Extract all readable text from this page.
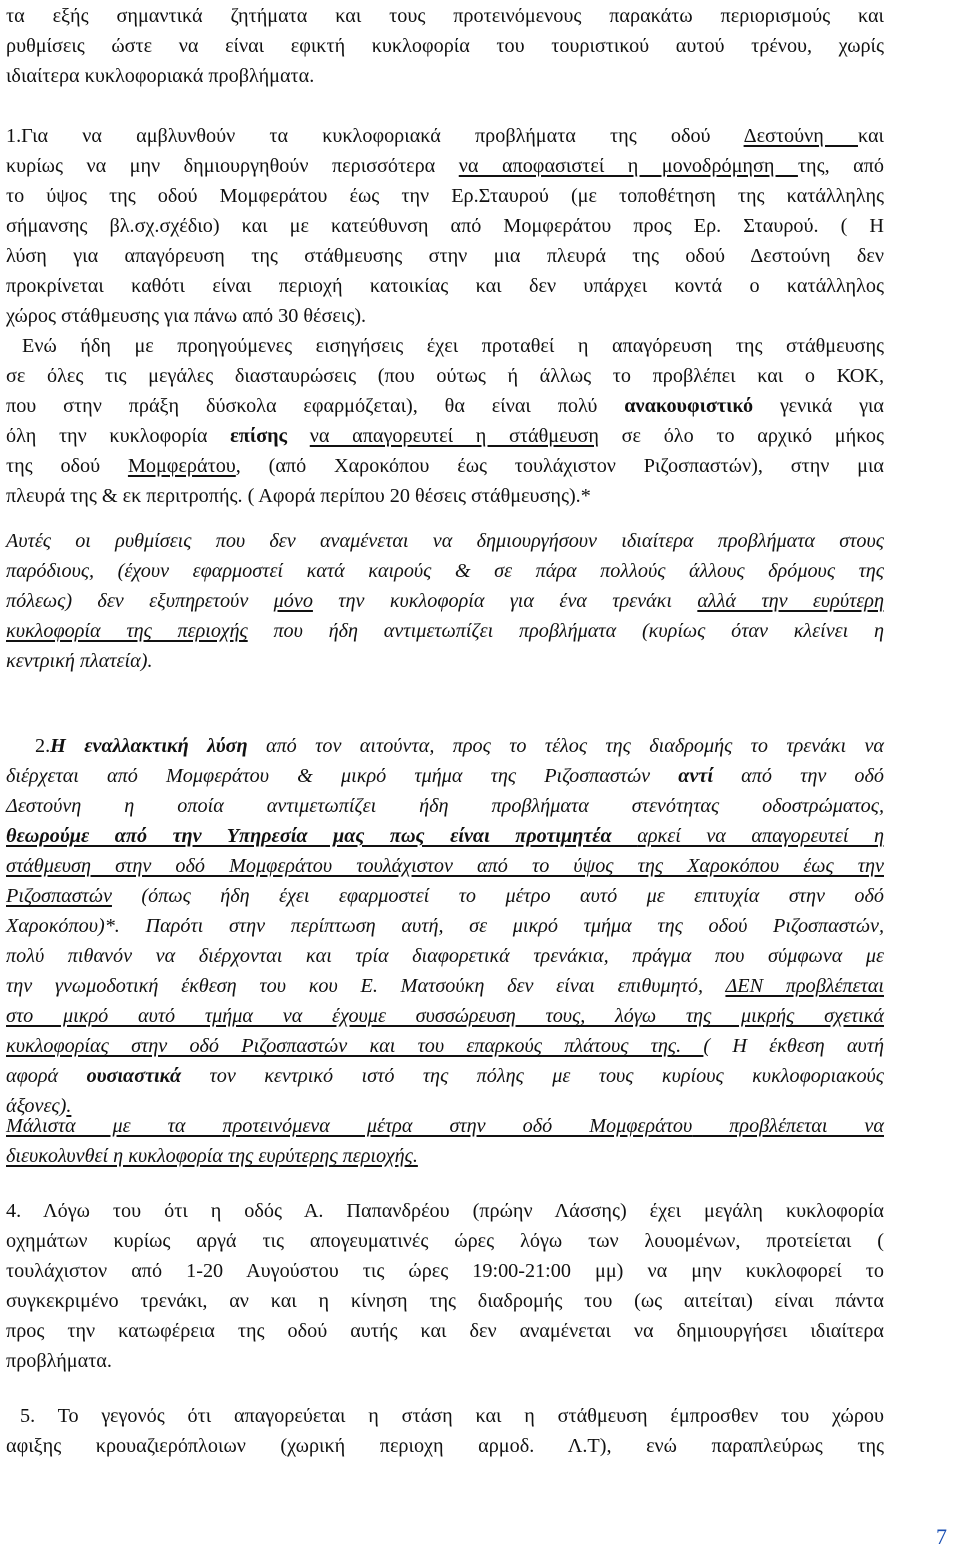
τα εξής σημαντικά ζητήματα και τους προτεινόμενους παρακάτω περιορισμούς και
ρυθμίσεις ώστε να είναι εφικτή κυκλοφορία του τουριστικού αυτού τρένου, χωρίς
ιδιαίτερα κυκλοφοριακά προβλήματα.
1.Για να αμβλυνθούν τα κυκλοφοριακά προβλήματα της οδού Δεστούνη και
κυρίως να μην δημιουργηθούν περισσότερα να αποφασιστεί η μονοδρόμηση της, από
το ύψος της οδού Μομφεράτου έως την Ερ.Σταυρού (με τοποθέτηση της κατάλληλης
σήμανσης βλ.σχ.σχέδιο) και με κατεύθυνση από Μομφεράτου προς Ερ. Σταυρού. ( Η
λύση για απαγόρευση της στάθμευσης στην μια πλευρά της οδού Δεστούνη δεν
προκρίνεται καθότι είναι περιοχή κατοικίας και δεν υπάρχει κοντά ο κατάλληλος
χώρος στάθμευσης για πάνω από 30 θέσεις).
Ενώ ήδη με προηγούμενες εισηγήσεις έχει προταθεί η απαγόρευση της στάθμευσης
σε όλες τις μεγάλες διασταυρώσεις (που ούτως ή άλλως το προβλέπει και ο ΚΟΚ,
που στην πράξη δύσκολα εφαρμόζεται), θα είναι πολύ ανακουφιστικό γενικά για
όλη την κυκλοφορία επίσης να απαγορευτεί η στάθμευση σε όλο το αρχικό μήκος
της οδού Μομφεράτου, (από Χαροκόπου έως τουλάχιστον Ριζοσπαστών), στην μια
πλευρά της & εκ περιτροπής. ( Αφορά περίπου 20 θέσεις στάθμευσης).*
Αυτές οι ρυθμίσεις που δεν αναμένεται να δημιουργήσουν ιδιαίτερα προβλήματα στους
παρόδιους, (έχουν εφαρμοστεί κατά καιρούς & σε πάρα πολλούς άλλους δρόμους της
πόλεως) δεν εξυπηρετούν μόνο την κυκλοφορία για ένα τρενάκι αλλά την ευρύτερη
κυκλοφορία της περιοχής που ήδη αντιμετωπίζει προβλήματα (κυρίως όταν κλείνει η
κεντρική πλατεία).
2.Η εναλλακτική λύση από τον αιτούντα, προς το τέλος της διαδρομής το τρενάκι να
διέρχεται από Μομφεράτου & μικρό τμήμα της Ριζοσπαστών αντί από την οδό
Δεστούνη η οποία αντιμετωπίζει ήδη προβλήματα στενότητας οδοστρώματος,
θεωρούμε από την Υπηρεσία μας πως είναι προτιμητέα αρκεί να απαγορευτεί η
στάθμευση στην οδό Μομφεράτου τουλάχιστον από το ύψος της Χαροκόπου έως την
Ριζοσπαστών (όπως ήδη έχει εφαρμοστεί το μέτρο αυτό με επιτυχία στην οδό
Χαροκόπου)*. Παρότι στην περίπτωση αυτή, σε μικρό τμήμα της οδού Ριζοσπαστών,
πολύ πιθανόν να διέρχονται και τρία διαφορετικά τρενάκια, πράγμα που σύμφωνα με
την γνωμοδοτική έκθεση του κου Ε. Ματσούκη δεν είναι επιθυμητό, ΔΕΝ προβλέπεται
στο μικρό αυτό τμήμα να έχουμε συσσώρευση τους, λόγω της μικρής σχετικά
κυκλοφορίας στην οδό Ριζοσπαστών και του επαρκούς πλάτους της. ( Η έκθεση αυτή
αφορά ουσιαστικά τον κεντρικό ιστό της πόλης με τους κυρίους κυκλοφοριακούς
άξονες).
Μάλιστα με τα προτεινόμενα μέτρα στην οδό Μομφεράτου προβλέπεται να
διευκολυνθεί η κυκλοφορία της ευρύτερης περιοχής.
4. Λόγω του ότι η οδός Α. Παπανδρέου (πρώην Λάσσης) έχει μεγάλη κυκλοφορία
οχημάτων κυρίως αργά τις απογευματινές ώρες λόγω των λουομένων, προτείεται (
τουλάχιστον από 1-20 Αυγούστου τις ώρες 19:00-21:00 μμ) να μην κυκλοφορεί το
συγκεκριμένο τρενάκι, αν και η κίνηση της διαδρομής του (ως αιτείται) είναι πάντα
προς την κατωφέρεια της οδού αυτής και δεν αναμένεται να δημιουργήσει ιδιαίτερα
προβλήματα.
5. Το γεγονός ότι απαγορεύεται η στάση και η στάθμευση έμπροσθεν του χώρου
αφιξης κρουαζιερόπλοιων (χωρική περιοχη αρμοδ. Λ.Τ), ενώ παραπλεύρως της
7
